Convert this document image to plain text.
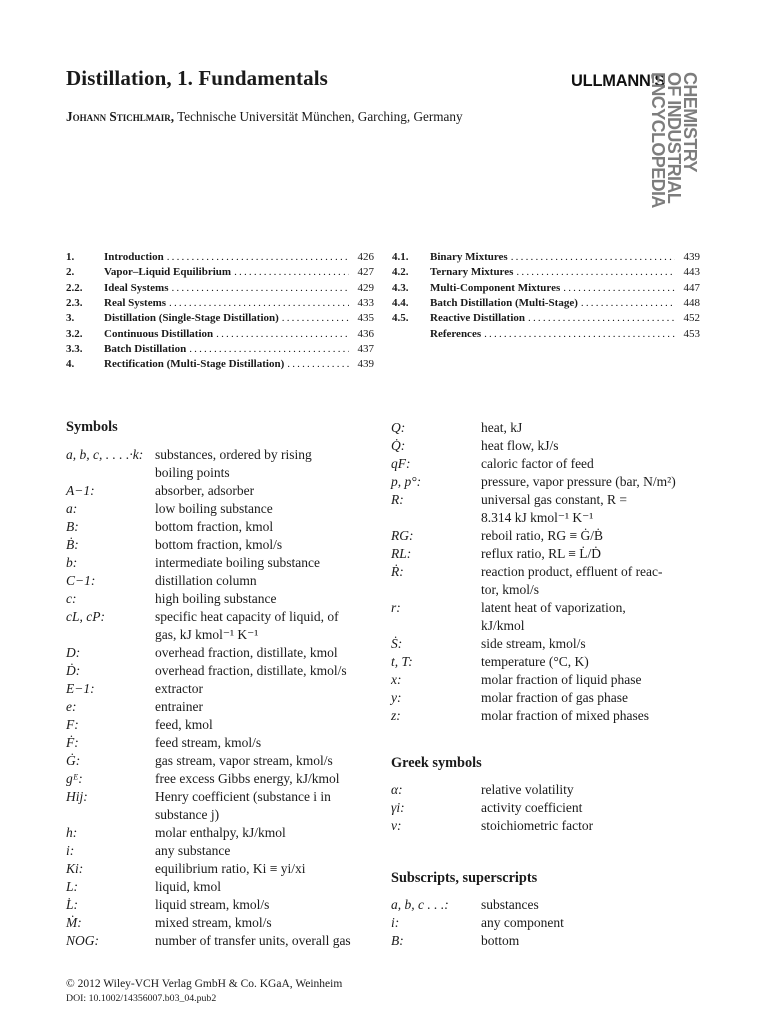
Distillation, 1. Fundamentals
Johann Stichlmair, Technische Universität München, Garching, Germany
ULLMANN'S
ENCYCLOPEDIA
OF INDUSTRIAL
CHEMISTRY
1.	Introduction .....	426
2.	Vapor–Liquid Equilibrium .....	427
2.2.	Ideal Systems .....	429
2.3.	Real Systems .....	433
3.	Distillation (Single-Stage Distillation) .....	435
3.2.	Continuous Distillation .....	436
3.3.	Batch Distillation .....	437
4.	Rectification (Multi-Stage Distillation) .....	439
4.1.	Binary Mixtures .....	439
4.2.	Ternary Mixtures .....	443
4.3.	Multi-Component Mixtures .....	447
4.4.	Batch Distillation (Multi-Stage) .....	448
4.5.	Reactive Distillation .....	452
References .....	453
Symbols
a, b, c, . . . .·k: substances, ordered by rising
boiling points
A−1:	absorber, adsorber
a:	low boiling substance
B:	bottom fraction, kmol
Ḃ:	bottom fraction, kmol/s
b:	intermediate boiling substance
C−1:	distillation column
c:	high boiling substance
cL, cP:	specific heat capacity of liquid, of
gas, kJ kmol⁻¹ K⁻¹
D:	overhead fraction, distillate, kmol
Ḋ:	overhead fraction, distillate, kmol/s
E−1:	extractor
e:	entrainer
F:	feed, kmol
Ḟ:	feed stream, kmol/s
Ġ:	gas stream, vapor stream, kmol/s
gᴱ:	free excess Gibbs energy, kJ/kmol
Hij:	Henry coefficient (substance i in
substance j)
h:	molar enthalpy, kJ/kmol
i:	any substance
Ki:	equilibrium ratio, Ki ≡ yi/xi
L:	liquid, kmol
L̇:	liquid stream, kmol/s
Ṁ:	mixed stream, kmol/s
NOG:	number of transfer units, overall gas
Q:	heat, kJ
Q̇:	heat flow, kJ/s
qF:	caloric factor of feed
p, p°:	pressure, vapor pressure (bar, N/m²)
R:	universal gas constant, R =
8.314 kJ kmol⁻¹ K⁻¹
RG:	reboil ratio, RG ≡ Ġ/Ḃ
RL:	reflux ratio, RL ≡ L̇/Ḋ
Ṙ:	reaction product, effluent of reac-
tor, kmol/s
r:	latent heat of vaporization,
kJ/kmol
Ṡ:	side stream, kmol/s
t, T:	temperature (°C, K)
x:	molar fraction of liquid phase
y:	molar fraction of gas phase
z:	molar fraction of mixed phases
Greek symbols
α:	relative volatility
γi:	activity coefficient
ν:	stoichiometric factor
Subscripts, superscripts
a, b, c . . .: substances
i:	any component
B:	bottom
© 2012 Wiley-VCH Verlag GmbH & Co. KGaA, Weinheim
DOI: 10.1002/14356007.b03_04.pub2
